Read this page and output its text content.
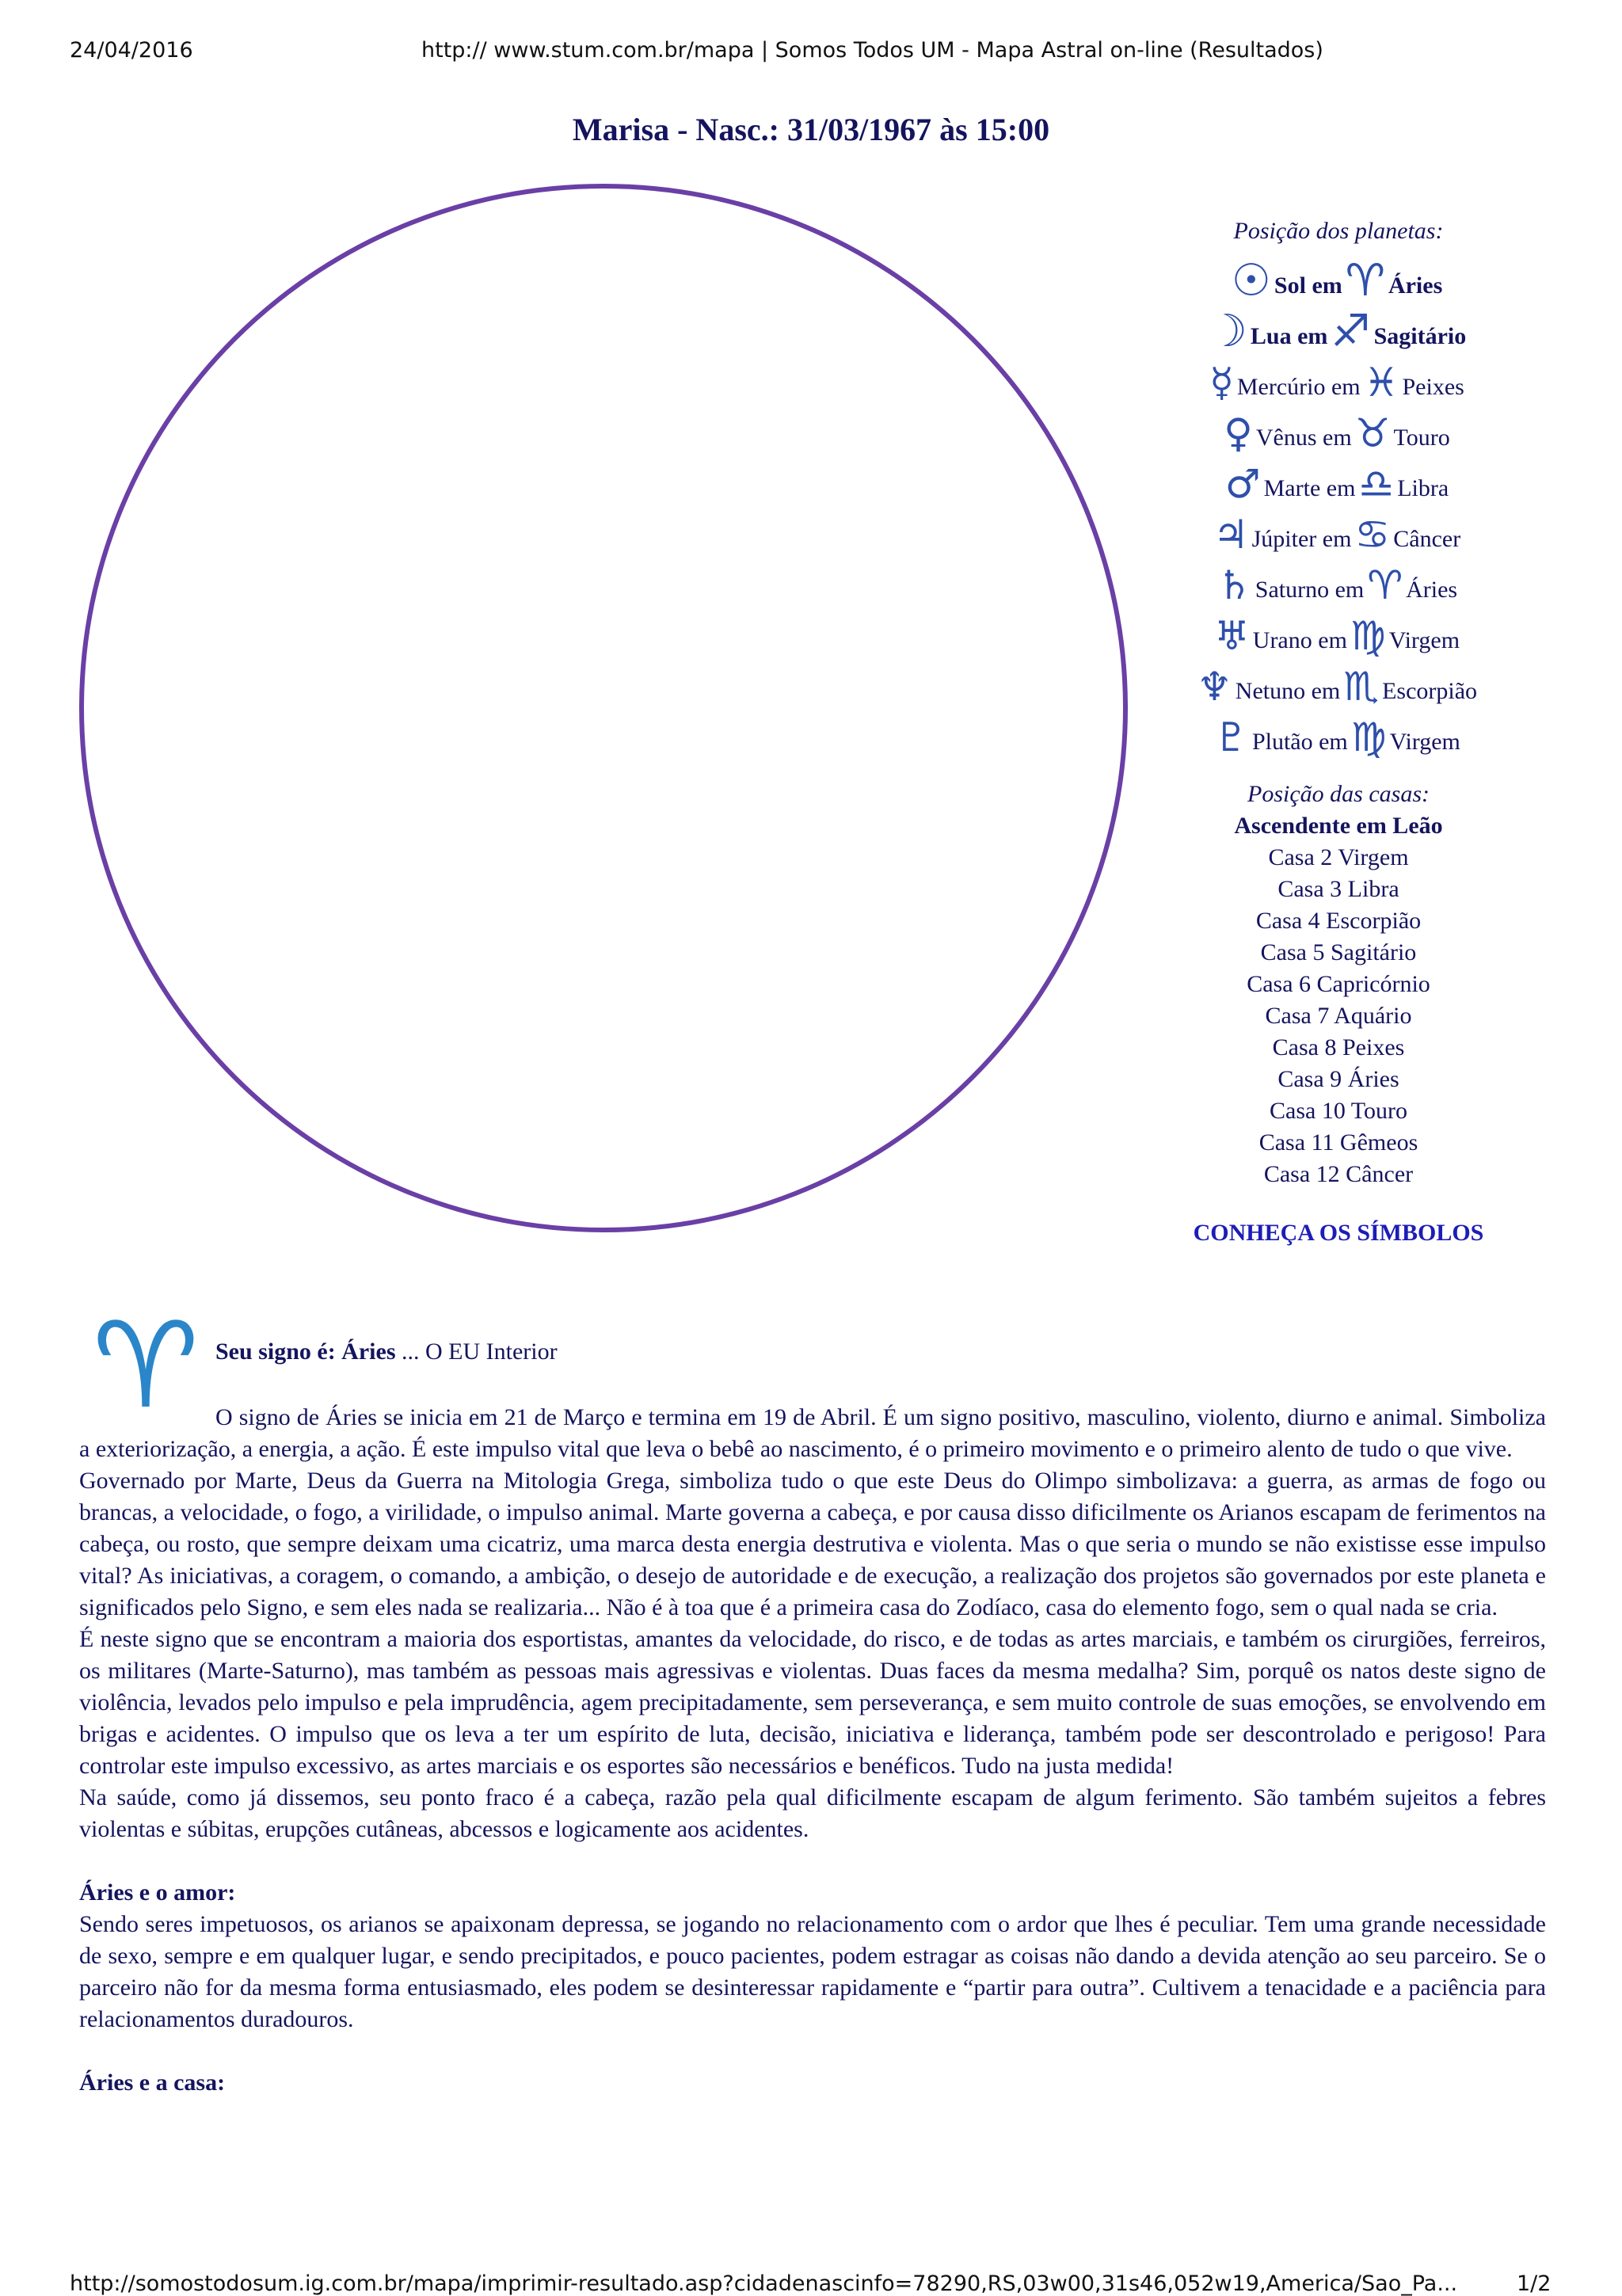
24/04/2016	http:// www.stum.com.br/mapa | Somos Todos UM - Mapa Astral on-line (Resultados)
Marisa - Nasc.: 31/03/1967 às 15:00
Posição dos planetas:
☉ Sol em ♈ Áries
☽ Lua em ♐ Sagitário
☿ Mercúrio em ♓ Peixes
♀ Vênus em ♉ Touro
♂ Marte em ♎ Libra
♃ Júpiter em ♋ Câncer
♄ Saturno em ♈ Áries
♅ Urano em ♍ Virgem
♆ Netuno em ♏ Escorpião
♇ Plutão em ♍ Virgem
Posição das casas:
Ascendente em Leão
Casa 2 Virgem
Casa 3 Libra
Casa 4 Escorpião
Casa 5 Sagitário
Casa 6 Capricórnio
Casa 7 Aquário
Casa 8 Peixes
Casa 9 Áries
Casa 10 Touro
Casa 11 Gêmeos
Casa 12 Câncer
CONHEÇA OS SÍMBOLOS
♈ Seu signo é: Áries ... O EU Interior

O signo de Áries se inicia em 21 de Março e termina em 19 de Abril. É um signo positivo, masculino, violento, diurno e animal. Simboliza a exteriorização, a energia, a ação. É este impulso vital que leva o bebê ao nascimento, é o primeiro movimento e o primeiro alento de tudo o que vive.

Governado por Marte, Deus da Guerra na Mitologia Grega, simboliza tudo o que este Deus do Olimpo simbolizava: a guerra, as armas de fogo ou brancas, a velocidade, o fogo, a virilidade, o impulso animal. Marte governa a cabeça, e por causa disso dificilmente os Arianos escapam de ferimentos na cabeça, ou rosto, que sempre deixam uma cicatriz, uma marca desta energia destrutiva e violenta. Mas o que seria o mundo se não existisse esse impulso vital? As iniciativas, a coragem, o comando, a ambição, o desejo de autoridade e de execução, a realização dos projetos são governados por este planeta e significados pelo Signo, e sem eles nada se realizaria... Não é à toa que é a primeira casa do Zodíaco, casa do elemento fogo, sem o qual nada se cria.

É neste signo que se encontram a maioria dos esportistas, amantes da velocidade, do risco, e de todas as artes marciais, e também os cirurgiões, ferreiros, os militares (Marte-Saturno), mas também as pessoas mais agressivas e violentas. Duas faces da mesma medalha? Sim, porquê os natos deste signo de violência, levados pelo impulso e pela imprudência, agem precipitadamente, sem perseverança, e sem muito controle de suas emoções, se envolvendo em brigas e acidentes. O impulso que os leva a ter um espírito de luta, decisão, iniciativa e liderança, também pode ser descontrolado e perigoso! Para controlar este impulso excessivo, as artes marciais e os esportes são necessários e benéficos. Tudo na justa medida!

Na saúde, como já dissemos, seu ponto fraco é a cabeça, razão pela qual dificilmente escapam de algum ferimento. São também sujeitos a febres violentas e súbitas, erupções cutâneas, abcessos e logicamente aos acidentes.

Áries e o amor:

Sendo seres impetuosos, os arianos se apaixonam depressa, se jogando no relacionamento com o ardor que lhes é peculiar. Tem uma grande necessidade de sexo, sempre e em qualquer lugar, e sendo precipitados, e pouco pacientes, podem estragar as coisas não dando a devida atenção ao seu parceiro. Se o parceiro não for da mesma forma entusiasmado, eles podem se desinteressar rapidamente e “partir para outra”. Cultivem a tenacidade e a paciência para relacionamentos duradouros.

Áries e a casa:
http://somostodosum.ig.com.br/mapa/imprimir-resultado.asp?cidadenascinfo=78290,RS,03w00,31s46,052w19,America/Sao_Pa...	1/2
